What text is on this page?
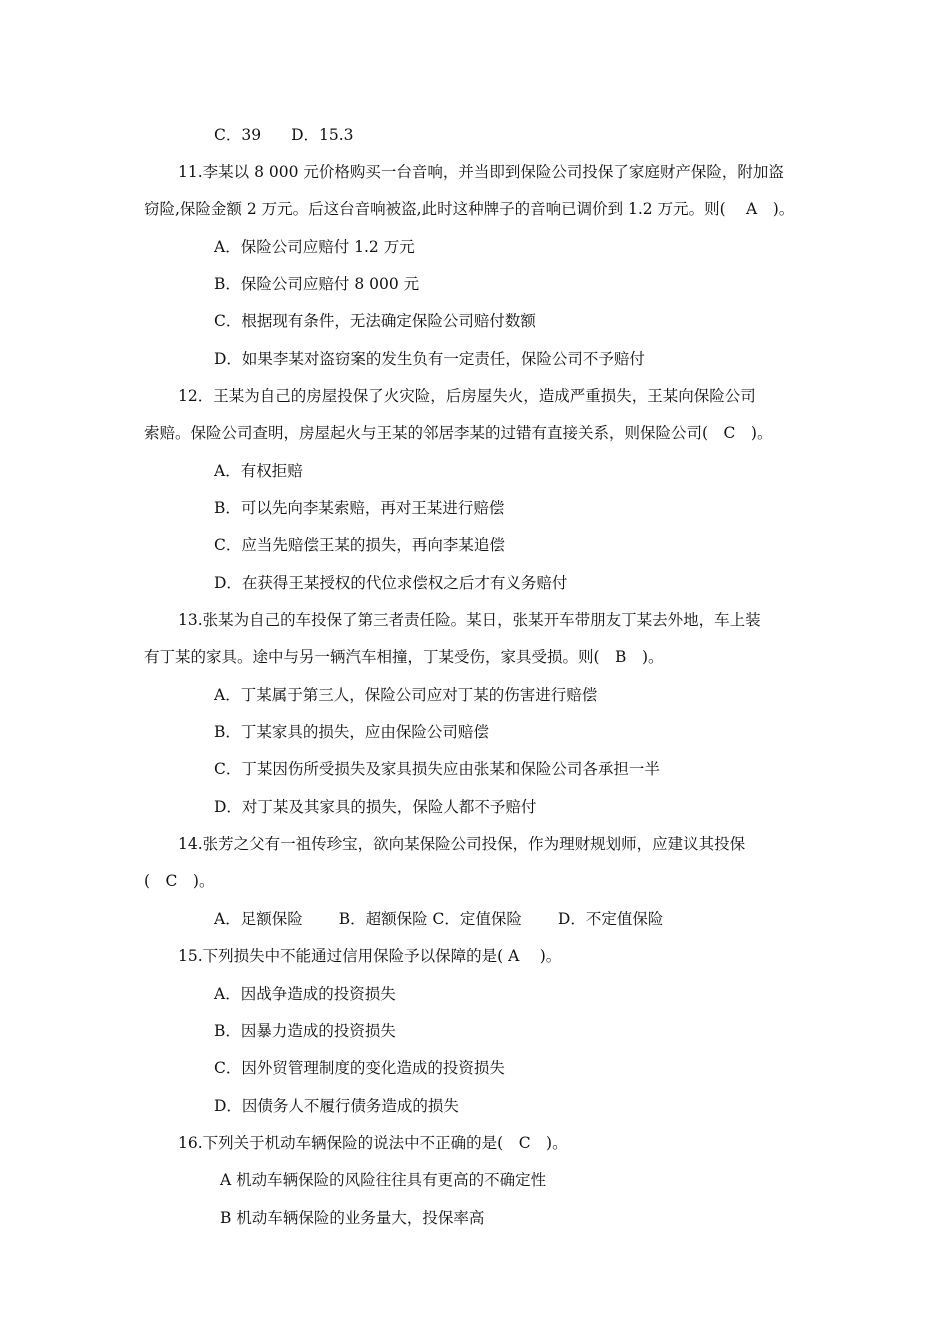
C．39 D．15.3
11.李某以 8 000 元价格购买一台音响，并当即到保险公司投保了家庭财产保险，附加盗
窃险,保险金额 2 万元。后这台音响被盗,此时这种牌子的音响已调价到 1.2 万元。则(　 A　)。
A．保险公司应赔付 1.2 万元
B．保险公司应赔付 8 000 元
C．根据现有条件，无法确定保险公司赔付数额
D．如果李某对盗窃案的发生负有一定责任，保险公司不予赔付
12．王某为自己的房屋投保了火灾险，后房屋失火，造成严重损失，王某向保险公司
索赔。保险公司查明，房屋起火与王某的邻居李某的过错有直接关系，则保险公司(　C　)。
A．有权拒赔
B．可以先向李某索赔，再对王某进行赔偿
C．应当先赔偿王某的损失，再向李某追偿
D．在获得王某授权的代位求偿权之后才有义务赔付
13.张某为自己的车投保了第三者责任险。某日，张某开车带朋友丁某去外地，车上装
有丁某的家具。途中与另一辆汽车相撞，丁某受伤，家具受损。则(　B　)。
A．丁某属于第三人，保险公司应对丁某的伤害进行赔偿
B．丁某家具的损失，应由保险公司赔偿
C．丁某因伤所受损失及家具损失应由张某和保险公司各承担一半
D．对丁某及其家具的损失，保险人都不予赔付
14.张芳之父有一祖传珍宝，欲向某保险公司投保，作为理财规划师，应建议其投保
(　C　)。
A．足额保险 B．超额保险 C．定值保险 D．不定值保险
15.下列损失中不能通过信用保险予以保障的是( A　 )。
A．因战争造成的投资损失
B．因暴力造成的投资损失
C．因外贸管理制度的变化造成的投资损失
D．因债务人不履行债务造成的损失
16.下列关于机动车辆保险的说法中不正确的是(　C　)。
A 机动车辆保险的风险往往具有更高的不确定性
B 机动车辆保险的业务量大，投保率高
